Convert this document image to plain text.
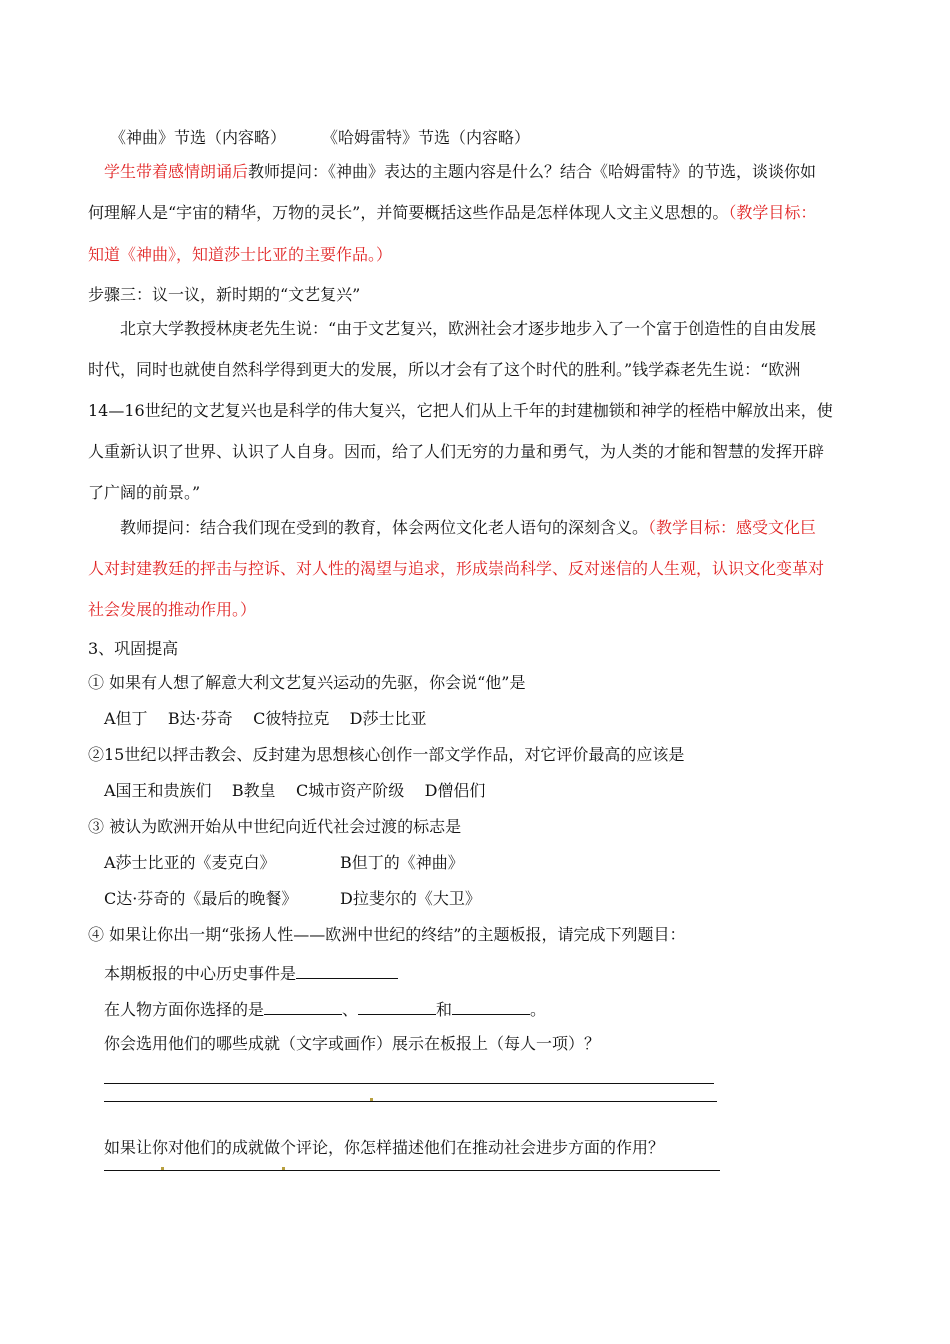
《神曲》节选（内容略） 《哈姆雷特》节选（内容略）
学生带着感情朗诵后教师提问：《神曲》表达的主题内容是什么？结合《哈姆雷特》的节选，谈谈你如
何理解人是“宇宙的精华，万物的灵长”，并简要概括这些作品是怎样体现人文主义思想的。（教学目标：
知道《神曲》，知道莎士比亚的主要作品。）
步骤三：议一议，新时期的“文艺复兴”
北京大学教授林庚老先生说：“由于文艺复兴，欧洲社会才逐步地步入了一个富于创造性的自由发展
时代，同时也就使自然科学得到更大的发展，所以才会有了这个时代的胜利。”钱学森老先生说：“欧洲
14—16世纪的文艺复兴也是科学的伟大复兴，它把人们从上千年的封建枷锁和神学的桎梏中解放出来，使
人重新认识了世界、认识了人自身。因而，给了人们无穷的力量和勇气，为人类的才能和智慧的发挥开辟
了广阔的前景。”
教师提问：结合我们现在受到的教育，体会两位文化老人语句的深刻含义。（教学目标：感受文化巨
人对封建教廷的抨击与控诉、对人性的渴望与追求，形成崇尚科学、反对迷信的人生观，认识文化变革对
社会发展的推动作用。）
3、巩固提高
① 如果有人想了解意大利文艺复兴运动的先驱，你会说“他”是
A但丁    B达·芬奇    C彼特拉克    D莎士比亚
②15世纪以抨击教会、反封建为思想核心创作一部文学作品，对它评价最高的应该是
A国王和贵族们    B教皇    C城市资产阶级    D僧侣们
③ 被认为欧洲开始从中世纪向近代社会过渡的标志是
A莎士比亚的《麦克白》	B但丁的《神曲》
C达·芬奇的《最后的晚餐》	D拉斐尔的《大卫》
④ 如果让你出一期“张扬人性——欧洲中世纪的终结”的主题板报，请完成下列题目：
本期板报的中心历史事件是
在人物方面你选择的是	、	和	。
你会选用他们的哪些成就（文字或画作）展示在板报上（每人一项）？
如果让你对他们的成就做个评论，你怎样描述他们在推动社会进步方面的作用？
